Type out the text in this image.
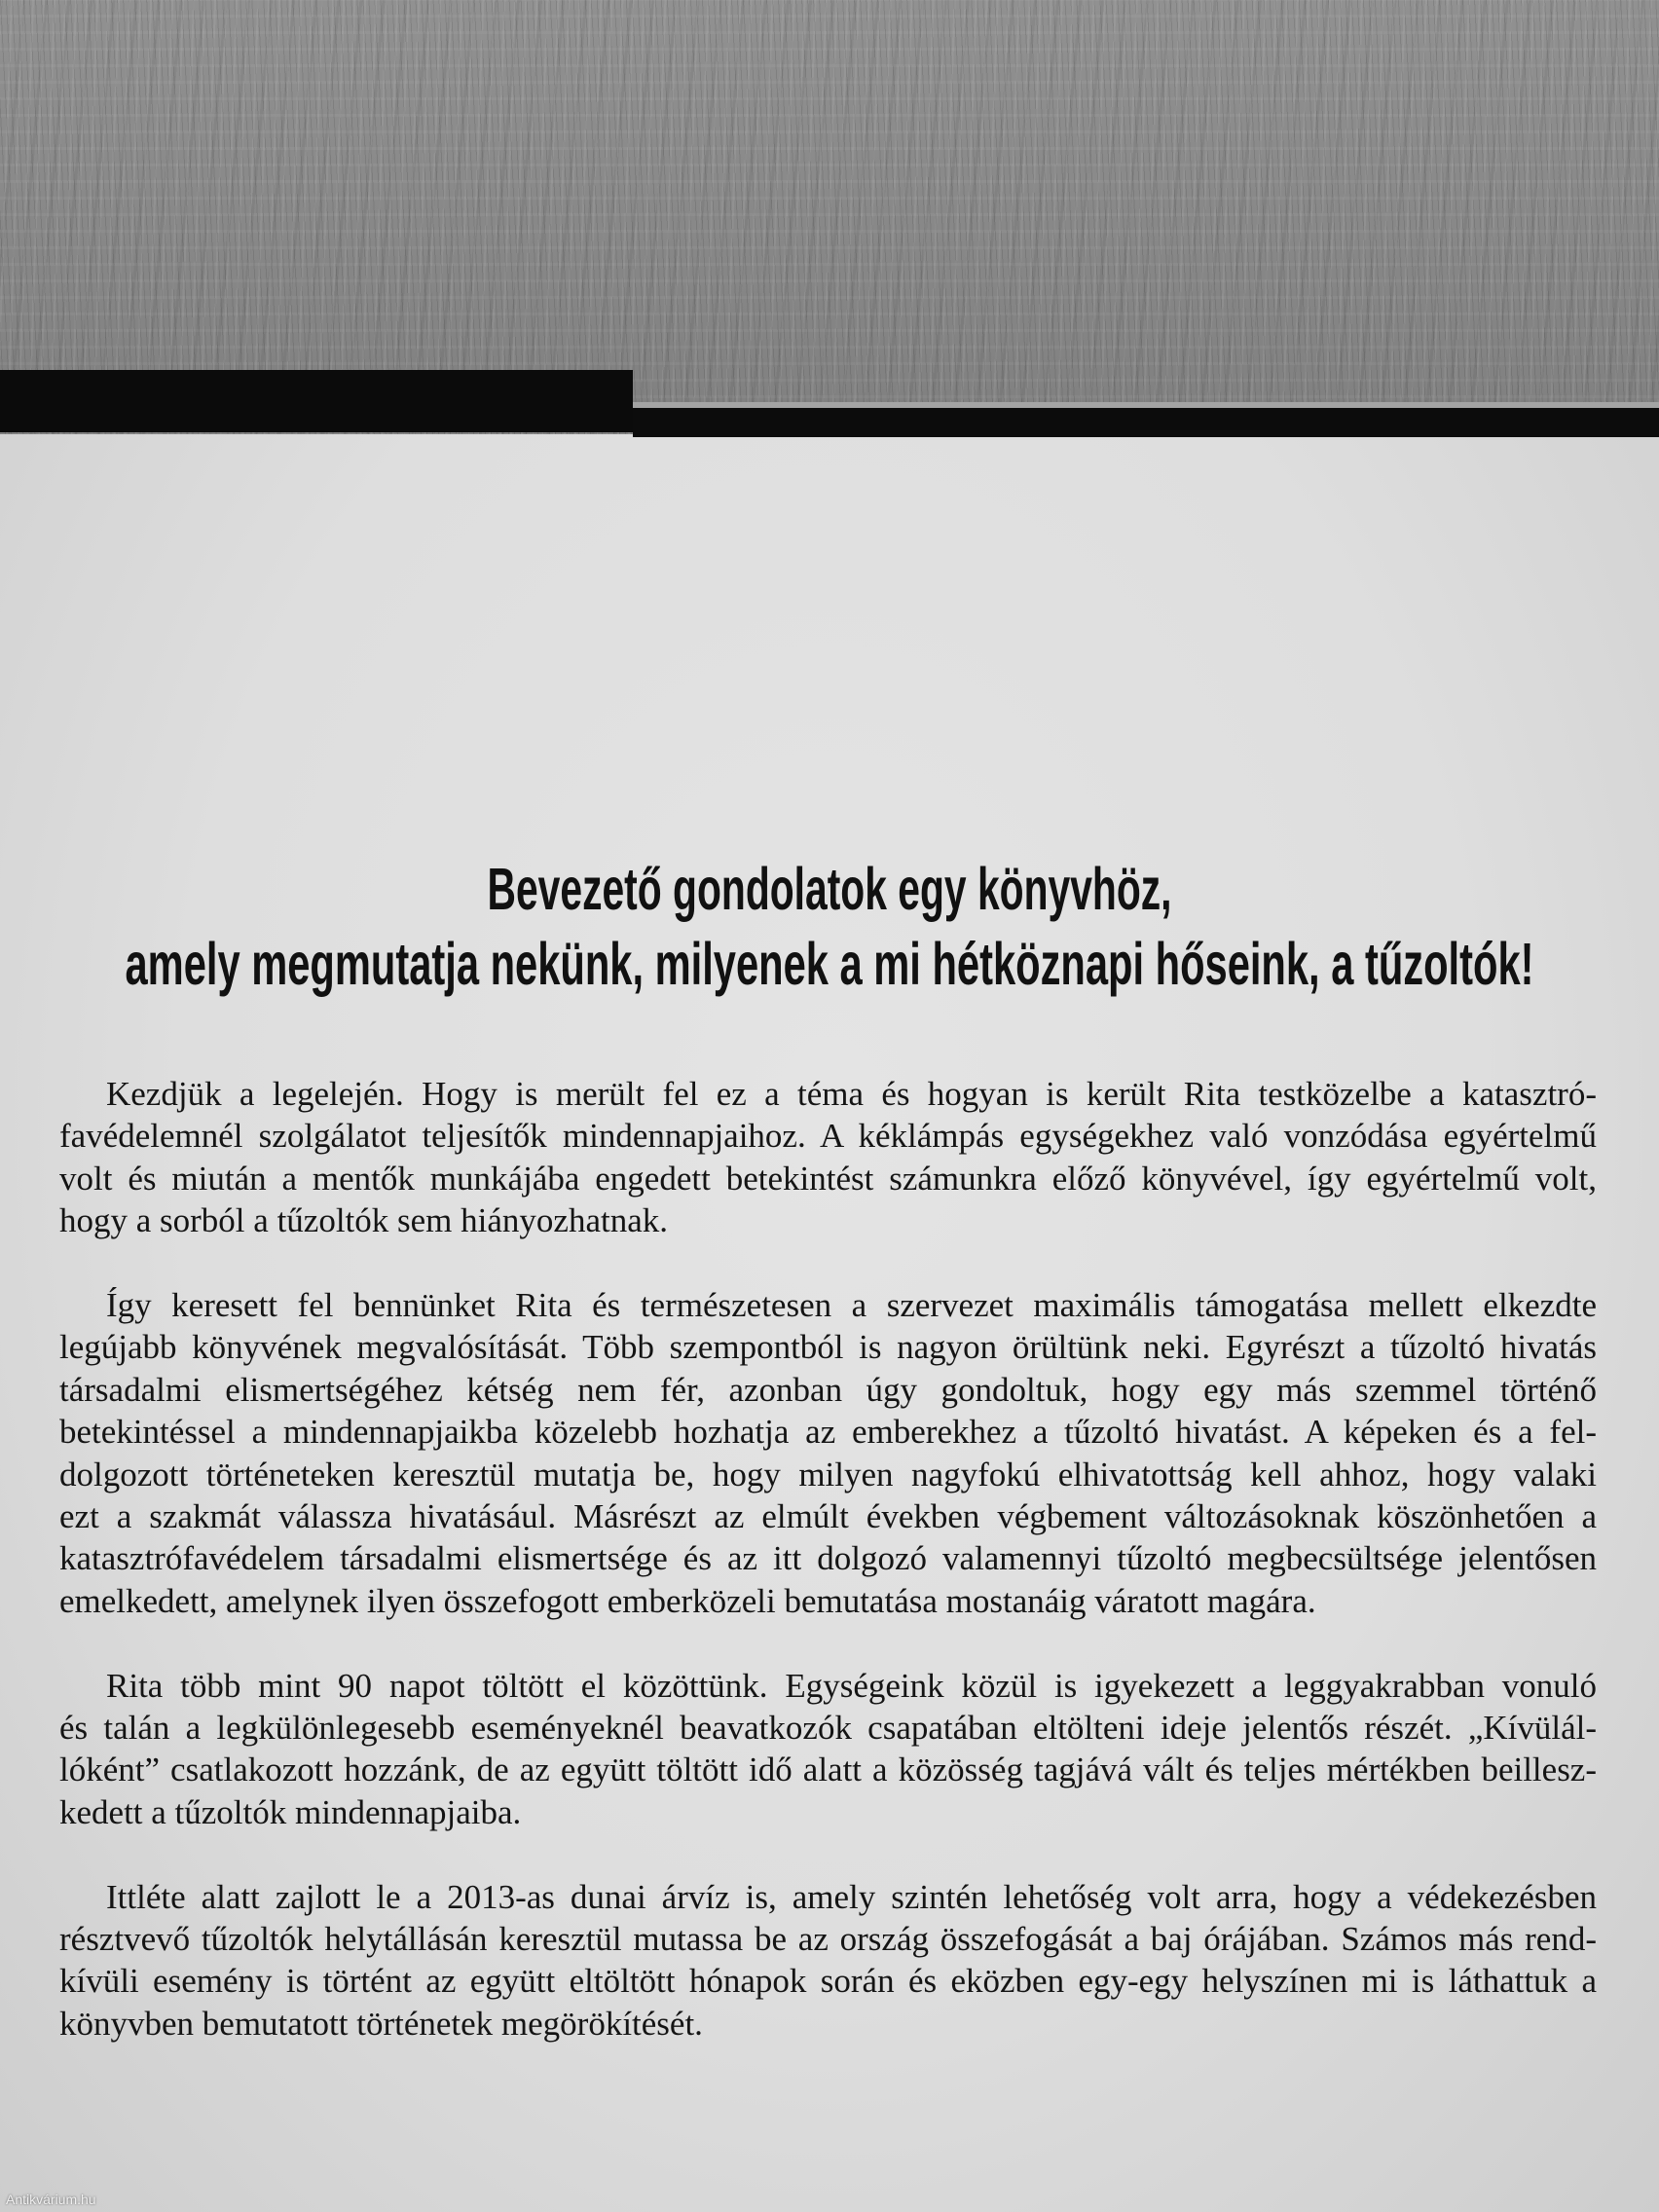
Bevezető gondolatok egy könyvhöz,
amely megmutatja nekünk, milyenek a mi hétköznapi hőseink, a tűzoltók!
Kezdjük a legelején. Hogy is merült fel ez a téma és hogyan is került Rita testközelbe a katasztró-
favédelemnél szolgálatot teljesítők mindennapjaihoz. A kéklámpás egységekhez való vonzódása egyértelmű
volt és miután a mentők munkájába engedett betekintést számunkra előző könyvével, így egyértelmű volt,
hogy a sorból a tűzoltók sem hiányozhatnak.
Így keresett fel bennünket Rita és természetesen a szervezet maximális támogatása mellett elkezdte
legújabb könyvének megvalósítását. Több szempontból is nagyon örültünk neki. Egyrészt a tűzoltó hivatás
társadalmi elismertségéhez kétség nem fér, azonban úgy gondoltuk, hogy egy más szemmel történő
betekintéssel a mindennapjaikba közelebb hozhatja az emberekhez a tűzoltó hivatást. A képeken és a fel-
dolgozott történeteken keresztül mutatja be, hogy milyen nagyfokú elhivatottság kell ahhoz, hogy valaki
ezt a szakmát válassza hivatásául. Másrészt az elmúlt években végbement változásoknak köszönhetően a
katasztrófavédelem társadalmi elismertsége és az itt dolgozó valamennyi tűzoltó megbecsültsége jelentősen
emelkedett, amelynek ilyen összefogott emberközeli bemutatása mostanáig váratott magára.
Rita több mint 90 napot töltött el közöttünk. Egységeink közül is igyekezett a leggyakrabban vonuló
és talán a legkülönlegesebb eseményeknél beavatkozók csapatában eltölteni ideje jelentős részét. „Kívülál-
lóként” csatlakozott hozzánk, de az együtt töltött idő alatt a közösség tagjává vált és teljes mértékben beillesz-
kedett a tűzoltók mindennapjaiba.
Ittléte alatt zajlott le a 2013-as dunai árvíz is, amely szintén lehetőség volt arra, hogy a védekezésben
résztvevő tűzoltók helytállásán keresztül mutassa be az ország összefogását a baj órájában. Számos más rend-
kívüli esemény is történt az együtt eltöltött hónapok során és eközben egy-egy helyszínen mi is láthattuk a
könyvben bemutatott történetek megörökítését.
Antikvárium.hu
